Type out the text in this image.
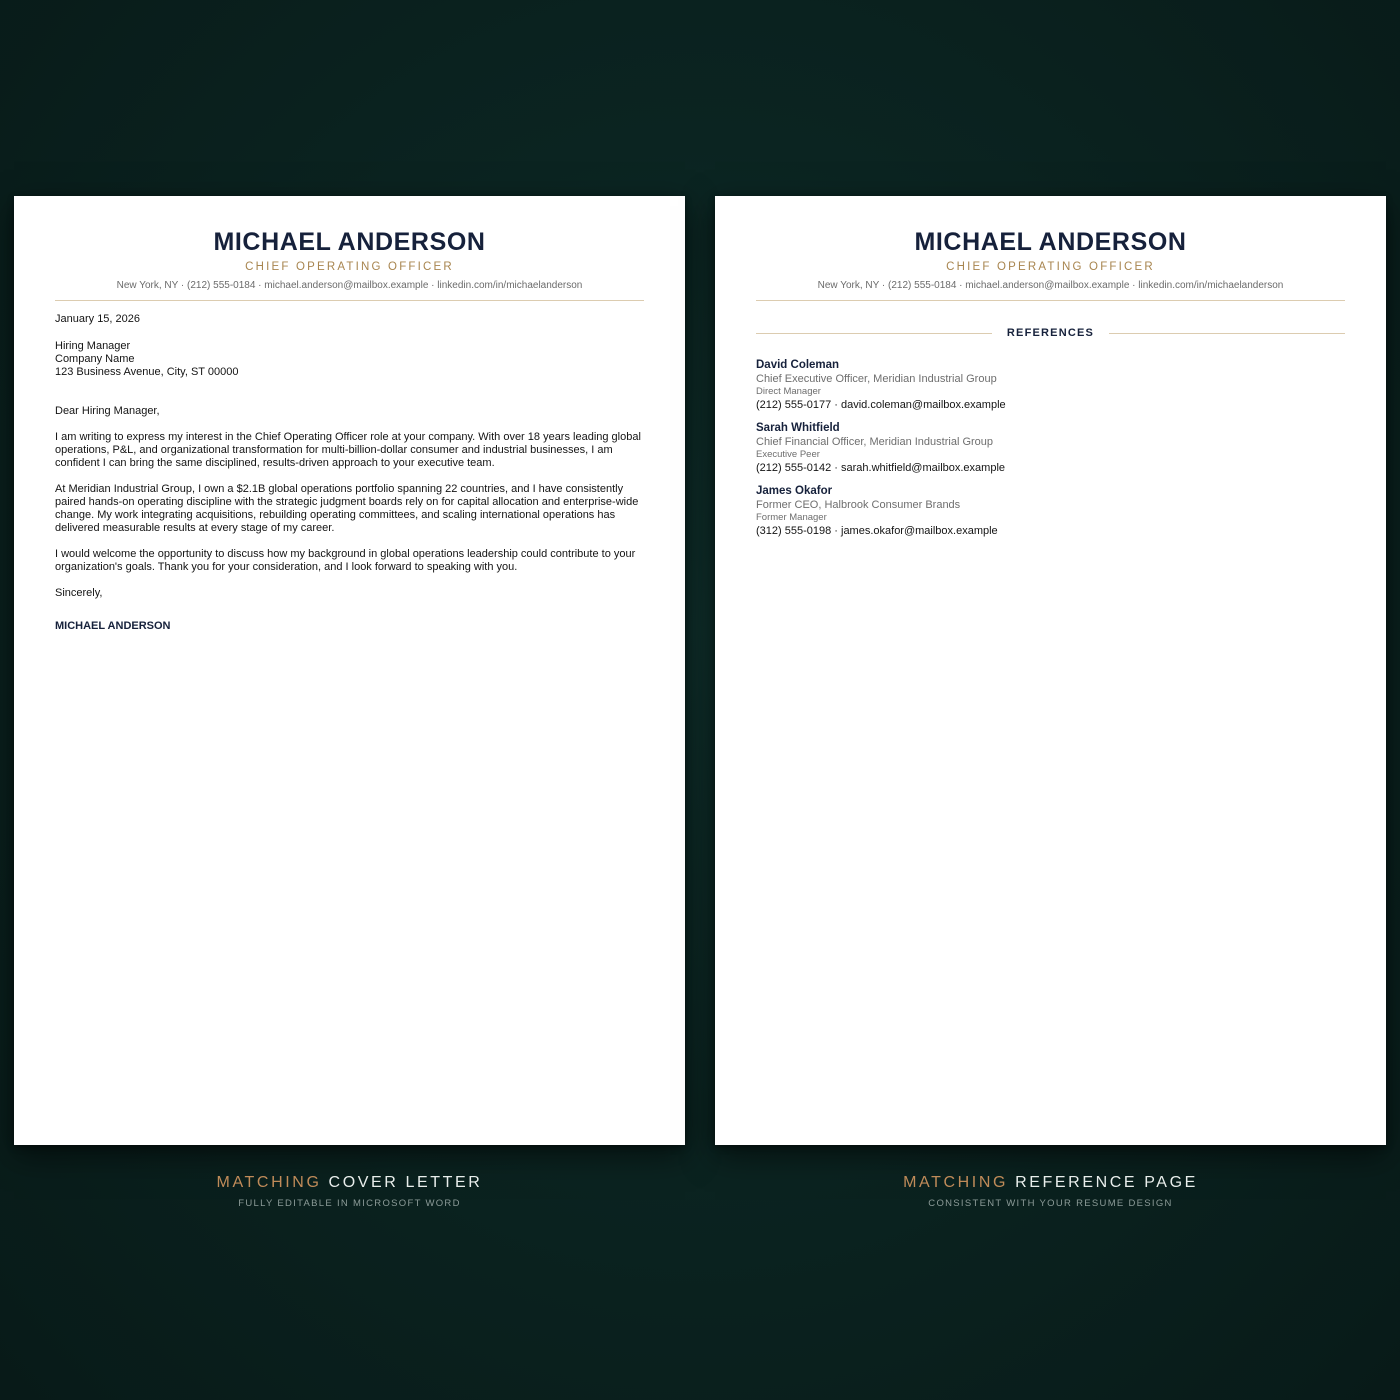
MICHAEL ANDERSON
CHIEF OPERATING OFFICER
New York, NY · (212) 555-0184 · michael.anderson@mailbox.example · linkedin.com/in/michaelanderson

January 15, 2026

Hiring Manager
Company Name
123 Business Avenue, City, ST 00000

Dear Hiring Manager,

I am writing to express my interest in the Chief Operating Officer role at your company. With over 18 years leading global operations, P&L, and organizational transformation for multi-billion-dollar consumer and industrial businesses, I am confident I can bring the same disciplined, results-driven approach to your executive team.

At Meridian Industrial Group, I own a $2.1B global operations portfolio spanning 22 countries, and I have consistently paired hands-on operating discipline with the strategic judgment boards rely on for capital allocation and enterprise-wide change. My work integrating acquisitions, rebuilding operating committees, and scaling international operations has delivered measurable results at every stage of my career.

I would welcome the opportunity to discuss how my background in global operations leadership could contribute to your organization's goals. Thank you for your consideration, and I look forward to speaking with you.

Sincerely,

MICHAEL ANDERSON

MICHAEL ANDERSON
CHIEF OPERATING OFFICER
New York, NY · (212) 555-0184 · michael.anderson@mailbox.example · linkedin.com/in/michaelanderson
REFERENCES
David Coleman
Chief Executive Officer, Meridian Industrial Group
Direct Manager
(212) 555-0177 · david.coleman@mailbox.example
Sarah Whitfield
Chief Financial Officer, Meridian Industrial Group
Executive Peer
(212) 555-0142 · sarah.whitfield@mailbox.example
James Okafor
Former CEO, Halbrook Consumer Brands
Former Manager
(312) 555-0198 · james.okafor@mailbox.example
MATCHING COVER LETTER
FULLY EDITABLE IN MICROSOFT WORD
MATCHING REFERENCE PAGE
CONSISTENT WITH YOUR RESUME DESIGN
